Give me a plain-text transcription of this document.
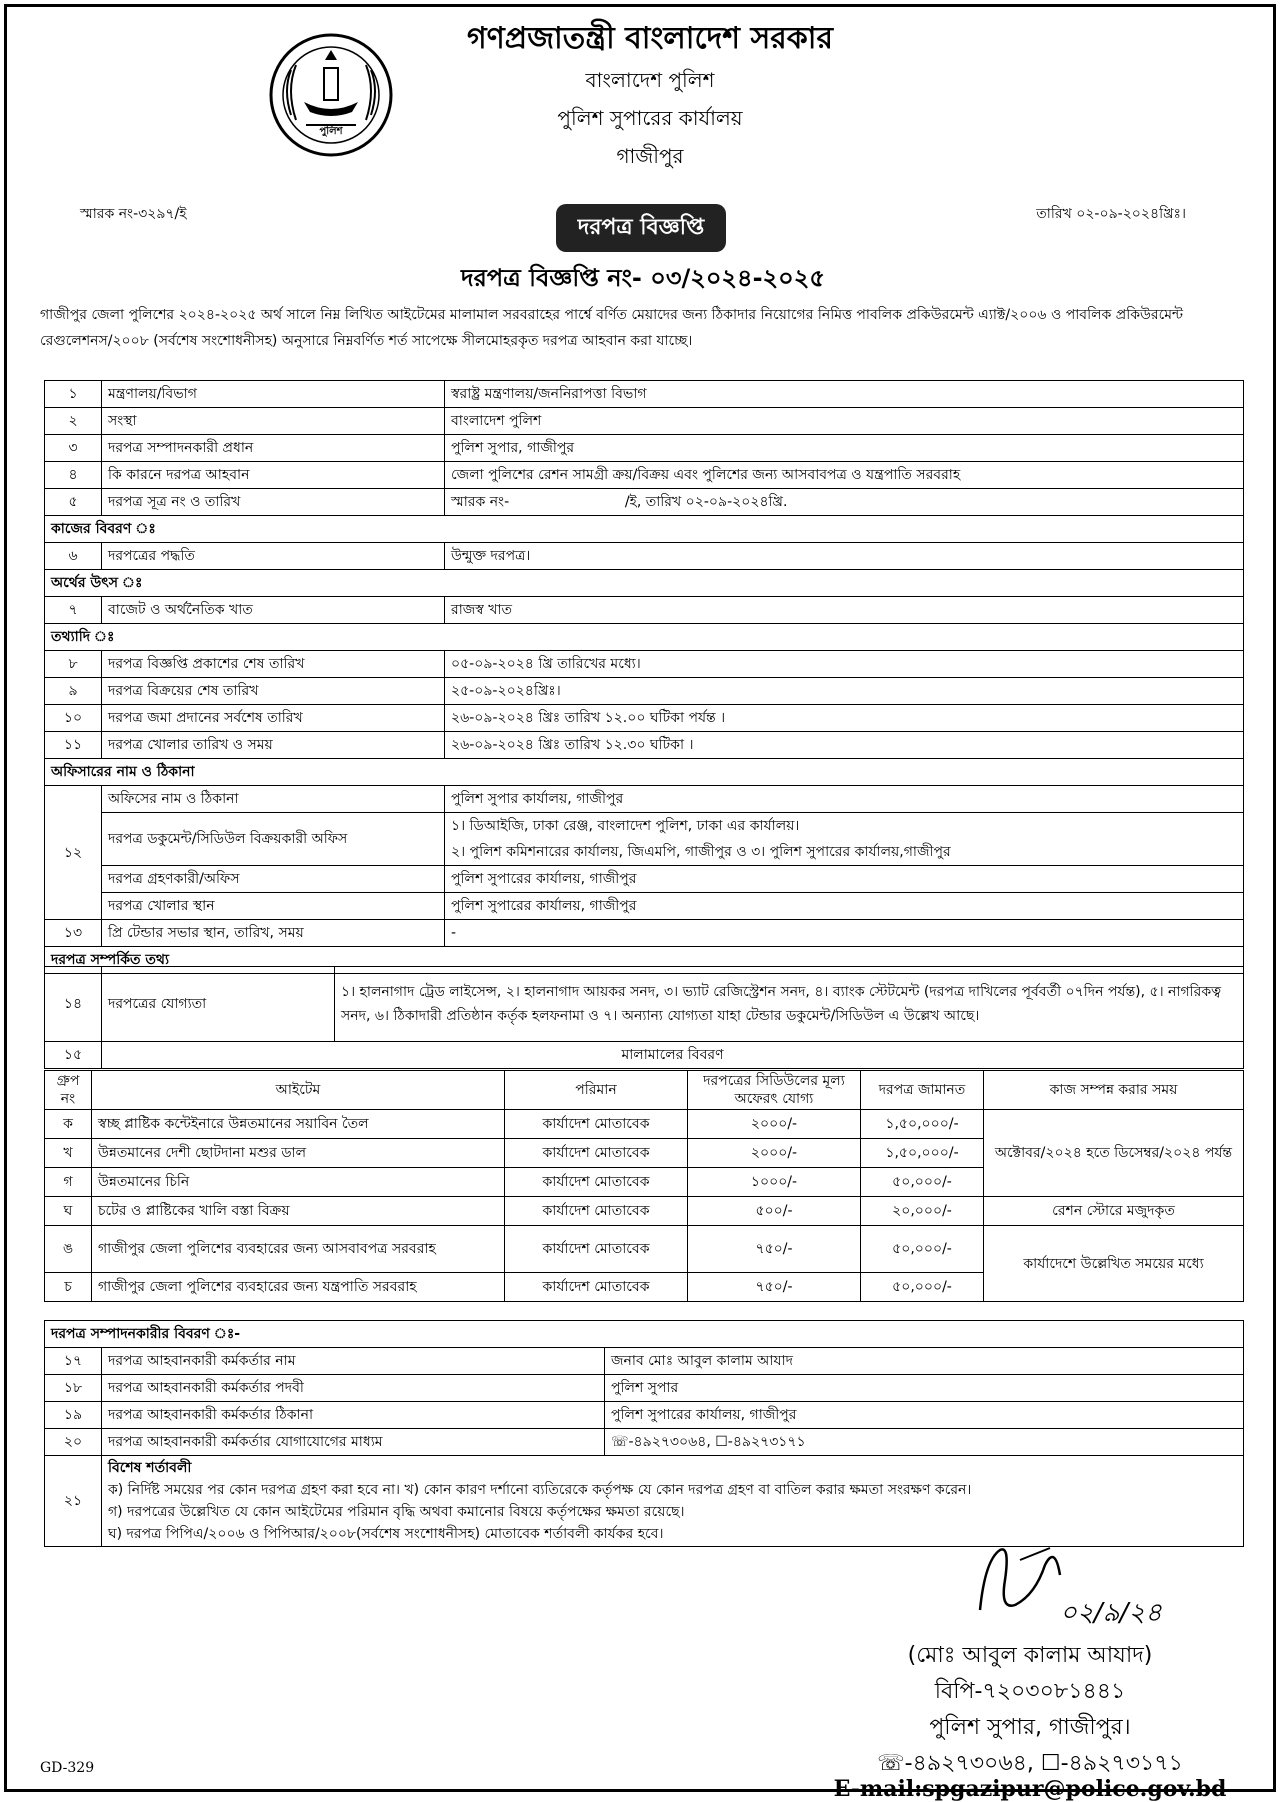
পুলিশ
গণপ্রজাতন্ত্রী বাংলাদেশ সরকার
বাংলাদেশ পুলিশ
পুলিশ সুপারের কার্যালয়
গাজীপুর
স্মারক নং-৩২৯৭/ই	তারিখ ০২-০৯-২০২৪খ্রিঃ।
দরপত্র বিজ্ঞপ্তি
দরপত্র বিজ্ঞপ্তি নং- ০৩/২০২৪-২০২৫
গাজীপুর জেলা পুলিশের ২০২৪-২০২৫ অর্থ সালে নিম্ন লিখিত আইটেমের মালামাল সরবরাহের পার্শ্বে বর্ণিত মেয়াদের জন্য ঠিকাদার নিয়োগের নিমিত্ত পাবলিক প্রকিউরমেন্ট এ্যাক্ট/২০০৬ ও পাবলিক প্রকিউরমেন্ট রেগুলেশনস/২০০৮ (সর্বশেষ সংশোধনীসহ) অনুসারে নিম্নবর্ণিত শর্ত সাপেক্ষে সীলমোহরকৃত দরপত্র আহবান করা যাচ্ছে।
১	মন্ত্রণালয়/বিভাগ	স্বরাষ্ট্র মন্ত্রণালয়/জননিরাপত্তা বিভাগ
২	সংস্থা	বাংলাদেশ পুলিশ
৩	দরপত্র সম্পাদনকারী প্রধান	পুলিশ সুপার, গাজীপুর
৪	কি কারনে দরপত্র আহবান	জেলা পুলিশের রেশন সামগ্রী ক্রয়/বিক্রয় এবং পুলিশের জন্য আসবাবপত্র ও যন্ত্রপাতি সরবরাহ
৫	দরপত্র সূত্র নং ও তারিখ	স্মারক নং-                          /ই, তারিখ ০২-০৯-২০২৪খ্রি.
কাজের বিবরণ ঃ		
৬	দরপত্রের পদ্ধতি	উন্মুক্ত দরপত্র।
অর্থের উৎস ঃ		
৭	বাজেট ও অর্থনৈতিক খাত	রাজস্ব খাত
তথ্যাদি ঃ		
৮	দরপত্র বিজ্ঞপ্তি প্রকাশের শেষ তারিখ	০৫-০৯-২০২৪ খ্রি তারিখের মধ্যে।
৯	দরপত্র বিক্রয়ের শেষ তারিখ	২৫-০৯-২০২৪খ্রিঃ।
১০	দরপত্র জমা প্রদানের সর্বশেষ তারিখ	২৬-০৯-২০২৪ খ্রিঃ তারিখ ১২.০০ ঘটিকা পর্যন্ত ।
১১	দরপত্র খোলার তারিখ ও সময়	২৬-০৯-২০২৪ খ্রিঃ তারিখ ১২.৩০ ঘটিকা ।
অফিসারের নাম ও ঠিকানা		
১২	অফিসের নাম ও ঠিকানা	পুলিশ সুপার কার্যালয়, গাজীপুর
	দরপত্র ডকুমেন্ট/সিডিউল বিক্রয়কারী অফিস	১। ডিআইজি, ঢাকা রেঞ্জ, বাংলাদেশ পুলিশ, ঢাকা এর কার্যালয়।
		২। পুলিশ কমিশনারের কার্যালয়, জিএমপি, গাজীপুর ও ৩। পুলিশ সুপারের কার্যালয়,গাজীপুর
	দরপত্র গ্রহণকারী/অফিস	পুলিশ সুপারের কার্যালয়, গাজীপুর
	দরপত্র খোলার স্থান	পুলিশ সুপারের কার্যালয়, গাজীপুর
১৩	প্রি টেন্ডার সভার স্থান, তারিখ, সময়	-
দরপত্র সম্পর্কিত তথ্য		
১৪	দরপত্রের যোগ্যতা	১। হালনাগাদ ট্রেড লাইসেন্স, ২। হালনাগাদ আয়কর সনদ, ৩। ভ্যাট রেজিস্ট্রেশন সনদ, ৪। ব্যাংক স্টেটমেন্ট (দরপত্র দাখিলের পূর্ববর্তী ০৭দিন পর্যন্ত), ৫। নাগরিকত্ব সনদ, ৬। ঠিকাদারী প্রতিষ্ঠান কর্তৃক হলফনামা ও ৭। অন্যান্য যোগ্যতা যাহা টেন্ডার ডকুমেন্ট/সিডিউল এ উল্লেখ আছে।
১৫	মালামালের বিবরণ	
গ্রুপ নং	আইটেম	পরিমান	দরপত্রের সিডিউলের মূল্য অফেরৎ যোগ্য	দরপত্র জামানত	কাজ সম্পন্ন করার সময়
ক	স্বচ্ছ প্লাষ্টিক কন্টেইনারে উন্নতমানের সয়াবিন তৈল	কার্যাদেশ মোতাবেক	২০০০/-	১,৫০,০০০/-	অক্টোবর/২০২৪ হতে ডিসেম্বর/২০২৪ পর্যন্ত
খ	উন্নতমানের দেশী ছোটদানা মশুর ডাল	কার্যাদেশ মোতাবেক	২০০০/-	১,৫০,০০০/-	
গ	উন্নতমানের চিনি	কার্যাদেশ মোতাবেক	১০০০/-	৫০,০০০/-	
ঘ	চটের ও প্লাষ্টিকের খালি বস্তা বিক্রয়	কার্যাদেশ মোতাবেক	৫০০/-	২০,০০০/-	রেশন স্টোরে মজুদকৃত
ঙ	গাজীপুর জেলা পুলিশের ব্যবহারের জন্য আসবাবপত্র সরবরাহ	কার্যাদেশ মোতাবেক	৭৫০/-	৫০,০০০/-	কার্যাদেশে উল্লেখিত সময়ের মধ্যে
চ	গাজীপুর জেলা পুলিশের ব্যবহারের জন্য যন্ত্রপাতি সরবরাহ	কার্যাদেশ মোতাবেক	৭৫০/-	৫০,০০০/-	
দরপত্র সম্পাদনকারীর বিবরণ ঃ-		
১৭	দরপত্র আহবানকারী কর্মকর্তার নাম	জনাব মোঃ আবুল কালাম আযাদ
১৮	দরপত্র আহবানকারী কর্মকর্তার পদবী	পুলিশ সুপার
১৯	দরপত্র আহবানকারী কর্মকর্তার ঠিকানা	পুলিশ সুপারের কার্যালয়, গাজীপুর
২০	দরপত্র আহবানকারী কর্মকর্তার যোগাযোগের মাধ্যম	☏-৪৯২৭৩০৬৪, ☐-৪৯২৭৩১৭১
২১	বিশেষ শর্তাবলী
ক) নির্দিষ্ট সময়ের পর কোন দরপত্র গ্রহণ করা হবে না। খ) কোন কারণ দর্শানো ব্যতিরেকে কর্তৃপক্ষ যে কোন দরপত্র গ্রহণ বা বাতিল করার ক্ষমতা সংরক্ষণ করেন।
গ) দরপত্রের উল্লেখিত যে কোন আইটেমের পরিমান বৃদ্ধি অথবা কমানোর বিষয়ে কর্তৃপক্ষের ক্ষমতা রয়েছে।
ঘ) দরপত্র পিপিএ/২০০৬ ও পিপিআর/২০০৮(সর্বশেষ সংশোধনীসহ) মোতাবেক শর্তাবলী কার্যকর হবে।	
০২/৯/২৪
(মোঃ আবুল কালাম আযাদ)
বিপি-৭২০৩০৮১৪৪১
পুলিশ সুপার, গাজীপুর।
☏-৪৯২৭৩০৬৪, ☐-৪৯২৭৩১৭১
E-mail:spgazipur@police.gov.bd
GD-329
